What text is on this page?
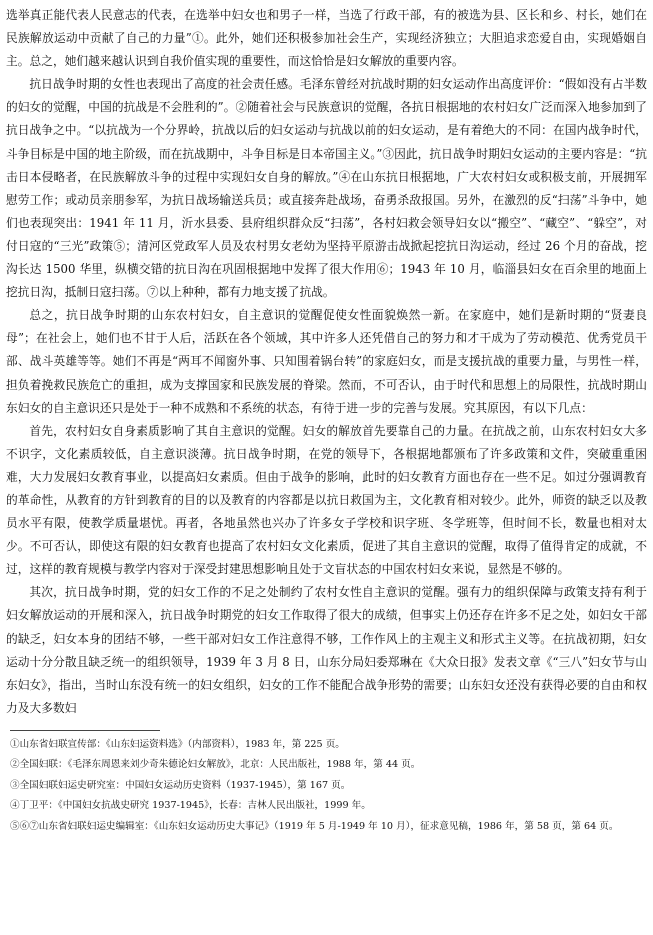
选举真正能代表人民意志的代表，在选举中妇女也和男子一样，当选了行政干部，有的被选为县、区长和乡、村长，她们在民族解放运动中贡献了自己的力量”①。此外，她们还积极参加社会生产，实现经济独立；大胆追求恋爱自由，实现婚姻自主。总之，她们越来越认识到自我价值实现的重要性，而这恰恰是妇女解放的重要内容。

抗日战争时期的女性也表现出了高度的社会责任感。毛泽东曾经对抗战时期的妇女运动作出高度评价：“假如没有占半数的妇女的觉醒，中国的抗战是不会胜利的”。②随着社会与民族意识的觉醒，各抗日根据地的农村妇女广泛而深入地参加到了抗日战争之中。“以抗战为一个分界岭，抗战以后的妇女运动与抗战以前的妇女运动，是有着绝大的不同：在国内战争时代，斗争目标是中国的地主阶级，而在抗战期中，斗争目标是日本帝国主义。”③因此，抗日战争时期妇女运动的主要内容是：“抗击日本侵略者，在民族解放斗争的过程中实现妇女自身的解放。”④在山东抗日根据地，广大农村妇女或积极支前，开展拥军慰劳工作；或动员亲朋参军，为抗日战场输送兵员；或直接奔赴战场，奋勇杀敌报国。另外，在激烈的反“扫荡”斗争中，她们也表现突出：1941 年 11 月，沂水县委、县府组织群众反“扫荡”，各村妇救会领导妇女以“搬空”、“藏空”、“躲空”，对付日寇的“三光”政策⑤；清河区党政军人员及农村男女老幼为坚持平原游击战掀起挖抗日沟运动，经过 26 个月的奋战，挖沟长达 1500 华里，纵横交错的抗日沟在巩固根据地中发挥了很大作用⑥；1943 年 10 月，临淄县妇女在百余里的地面上挖抗日沟，抵制日寇扫荡。⑦以上种种，都有力地支援了抗战。

总之，抗日战争时期的山东农村妇女，自主意识的觉醒促使女性面貌焕然一新。在家庭中，她们是新时期的“贤妻良母”；在社会上，她们也不甘于人后，活跃在各个领域，其中许多人还凭借自己的努力和才干成为了劳动模范、优秀党员干部、战斗英雄等等。她们不再是“两耳不闻窗外事、只知围着锅台转”的家庭妇女，而是支援抗战的重要力量，与男性一样，担负着挽救民族危亡的重担，成为支撑国家和民族发展的脊梁。然而，不可否认，由于时代和思想上的局限性，抗战时期山东妇女的自主意识还只是处于一种不成熟和不系统的状态，有待于进一步的完善与发展。究其原因，有以下几点：

首先，农村妇女自身素质影响了其自主意识的觉醒。妇女的解放首先要靠自己的力量。在抗战之前，山东农村妇女大多不识字，文化素质较低，自主意识淡薄。抗日战争时期，在党的领导下，各根据地都颁布了许多政策和文件，突破重重困难，大力发展妇女教育事业，以提高妇女素质。但由于战争的影响，此时的妇女教育方面也存在一些不足。如过分强调教育的革命性，从教育的方针到教育的目的以及教育的内容都是以抗日救国为主，文化教育相对较少。此外，师资的缺乏以及教员水平有限，使教学质量堪忧。再者，各地虽然也兴办了许多女子学校和识字班、冬学班等，但时间不长，数量也相对太少。不可否认，即使这有限的妇女教育也提高了农村妇女文化素质，促进了其自主意识的觉醒，取得了值得肯定的成就，不过，这样的教育规模与教学内容对于深受封建思想影响且处于文盲状态的中国农村妇女来说，显然是不够的。

其次，抗日战争时期，党的妇女工作的不足之处制约了农村女性自主意识的觉醒。强有力的组织保障与政策支持有利于妇女解放运动的开展和深入，抗日战争时期党的妇女工作取得了很大的成绩，但事实上仍还存在许多不足之处，如妇女干部的缺乏，妇女本身的团结不够，一些干部对妇女工作注意得不够，工作作风上的主观主义和形式主义等。在抗战初期，妇女运动十分分散且缺乏统一的组织领导，1939 年 3 月 8 日，山东分局妇委郑琳在《大众日报》发表文章《“三八”妇女节与山东妇女》，指出，当时山东没有统一的妇女组织，妇女的工作不能配合战争形势的需要；山东妇女还没有获得必要的自由和权力及大多数妇

①山东省妇联宣传部：《山东妇运资料选》（内部资料），1983 年，第 225 页。
②全国妇联：《毛泽东周恩来刘少奇朱德论妇女解放》，北京：人民出版社，1988 年，第 44 页。
③全国妇联妇运史研究室：中国妇女运动历史资料（1937-1945），第 167 页。
④丁卫平：《中国妇女抗战史研究 1937-1945》，长春：吉林人民出版社，1999 年。
⑤⑥⑦山东省妇联妇运史编辑室：《山东妇女运动历史大事记》（1919 年 5 月-1949 年 10 月），征求意见稿，1986 年，第 58 页，第 64 页。
